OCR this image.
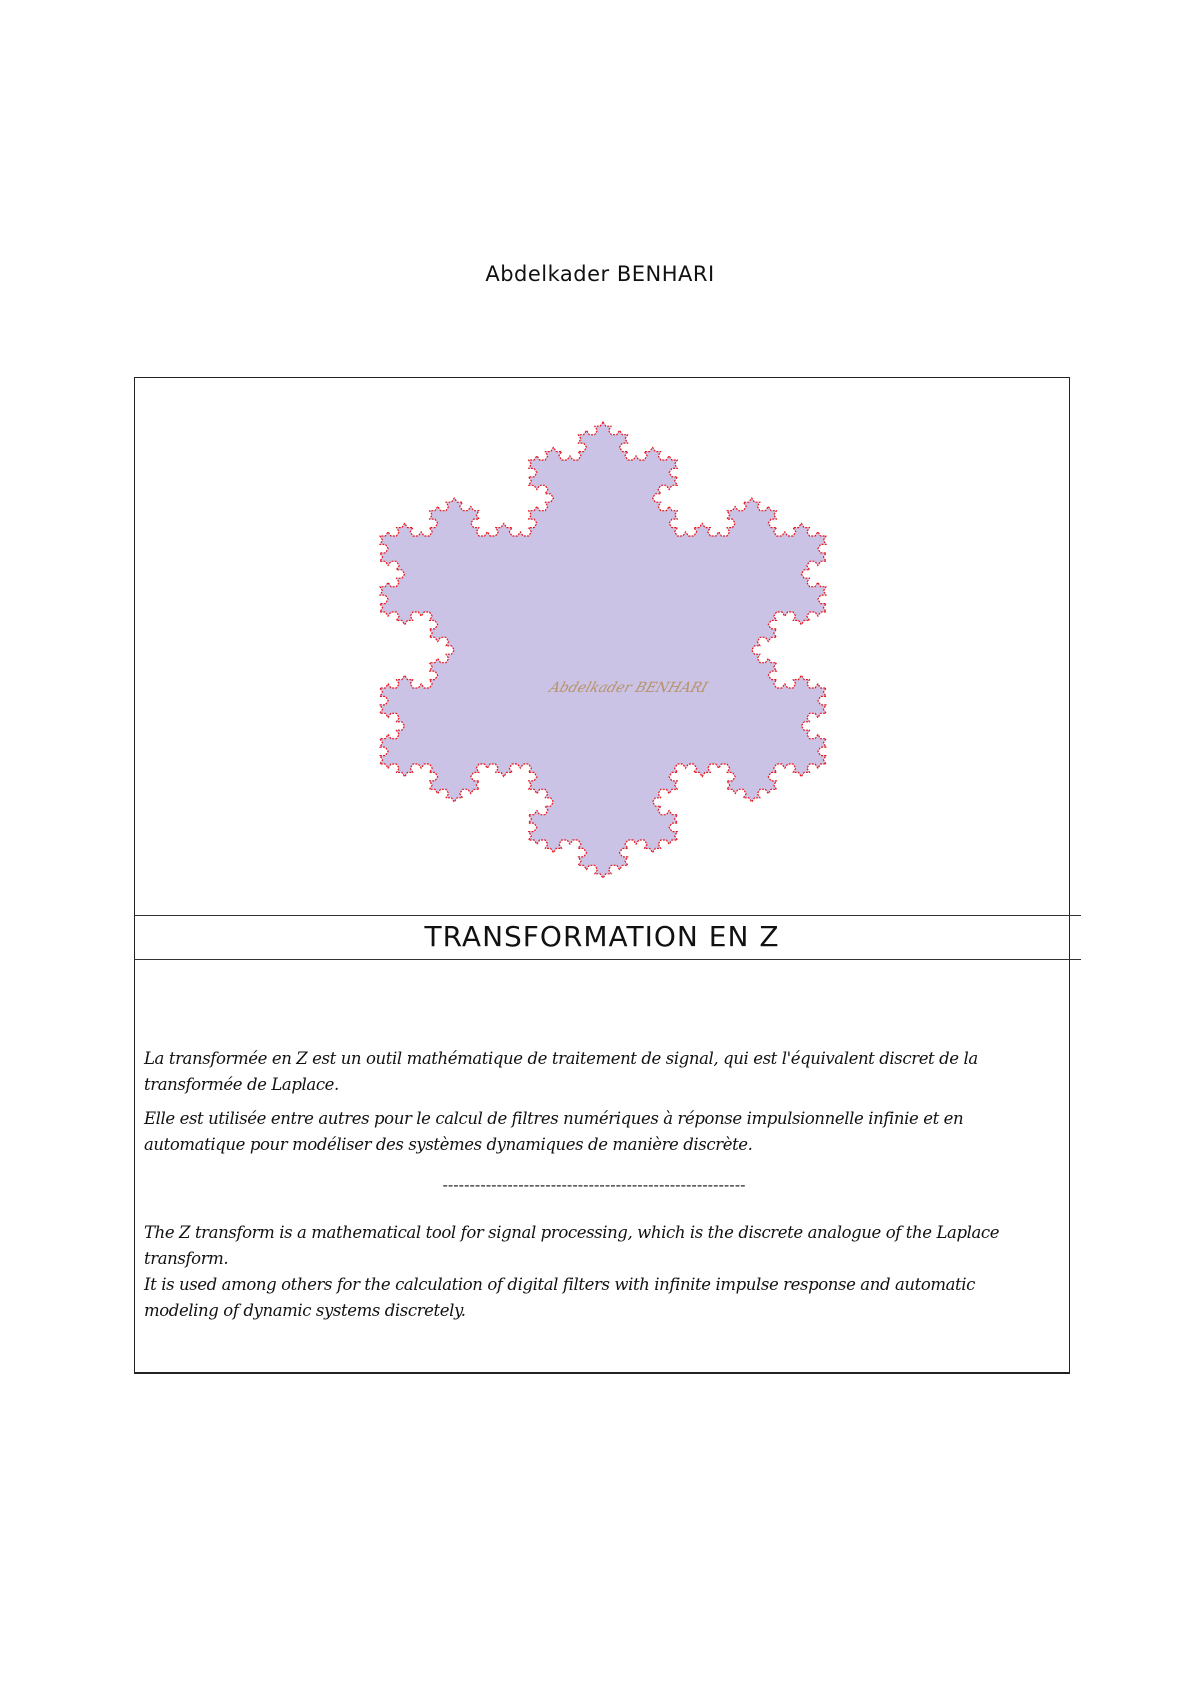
Abdelkader BENHARI
Abdelkader BENHARI
TRANSFORMATION EN Z

La transformée en Z est un outil mathématique de traitement de signal, qui est l'équivalent discret de la transformée de Laplace.

Elle est utilisée entre autres pour le calcul de filtres numériques à réponse impulsionnelle infinie et en automatique pour modéliser des systèmes dynamiques de manière discrète.

--------------------------------------------------------

The Z transform is a mathematical tool for signal processing, which is the discrete analogue of the Laplace transform.

It is used among others for the calculation of digital filters with infinite impulse response and automatic modeling of dynamic systems discretely.
